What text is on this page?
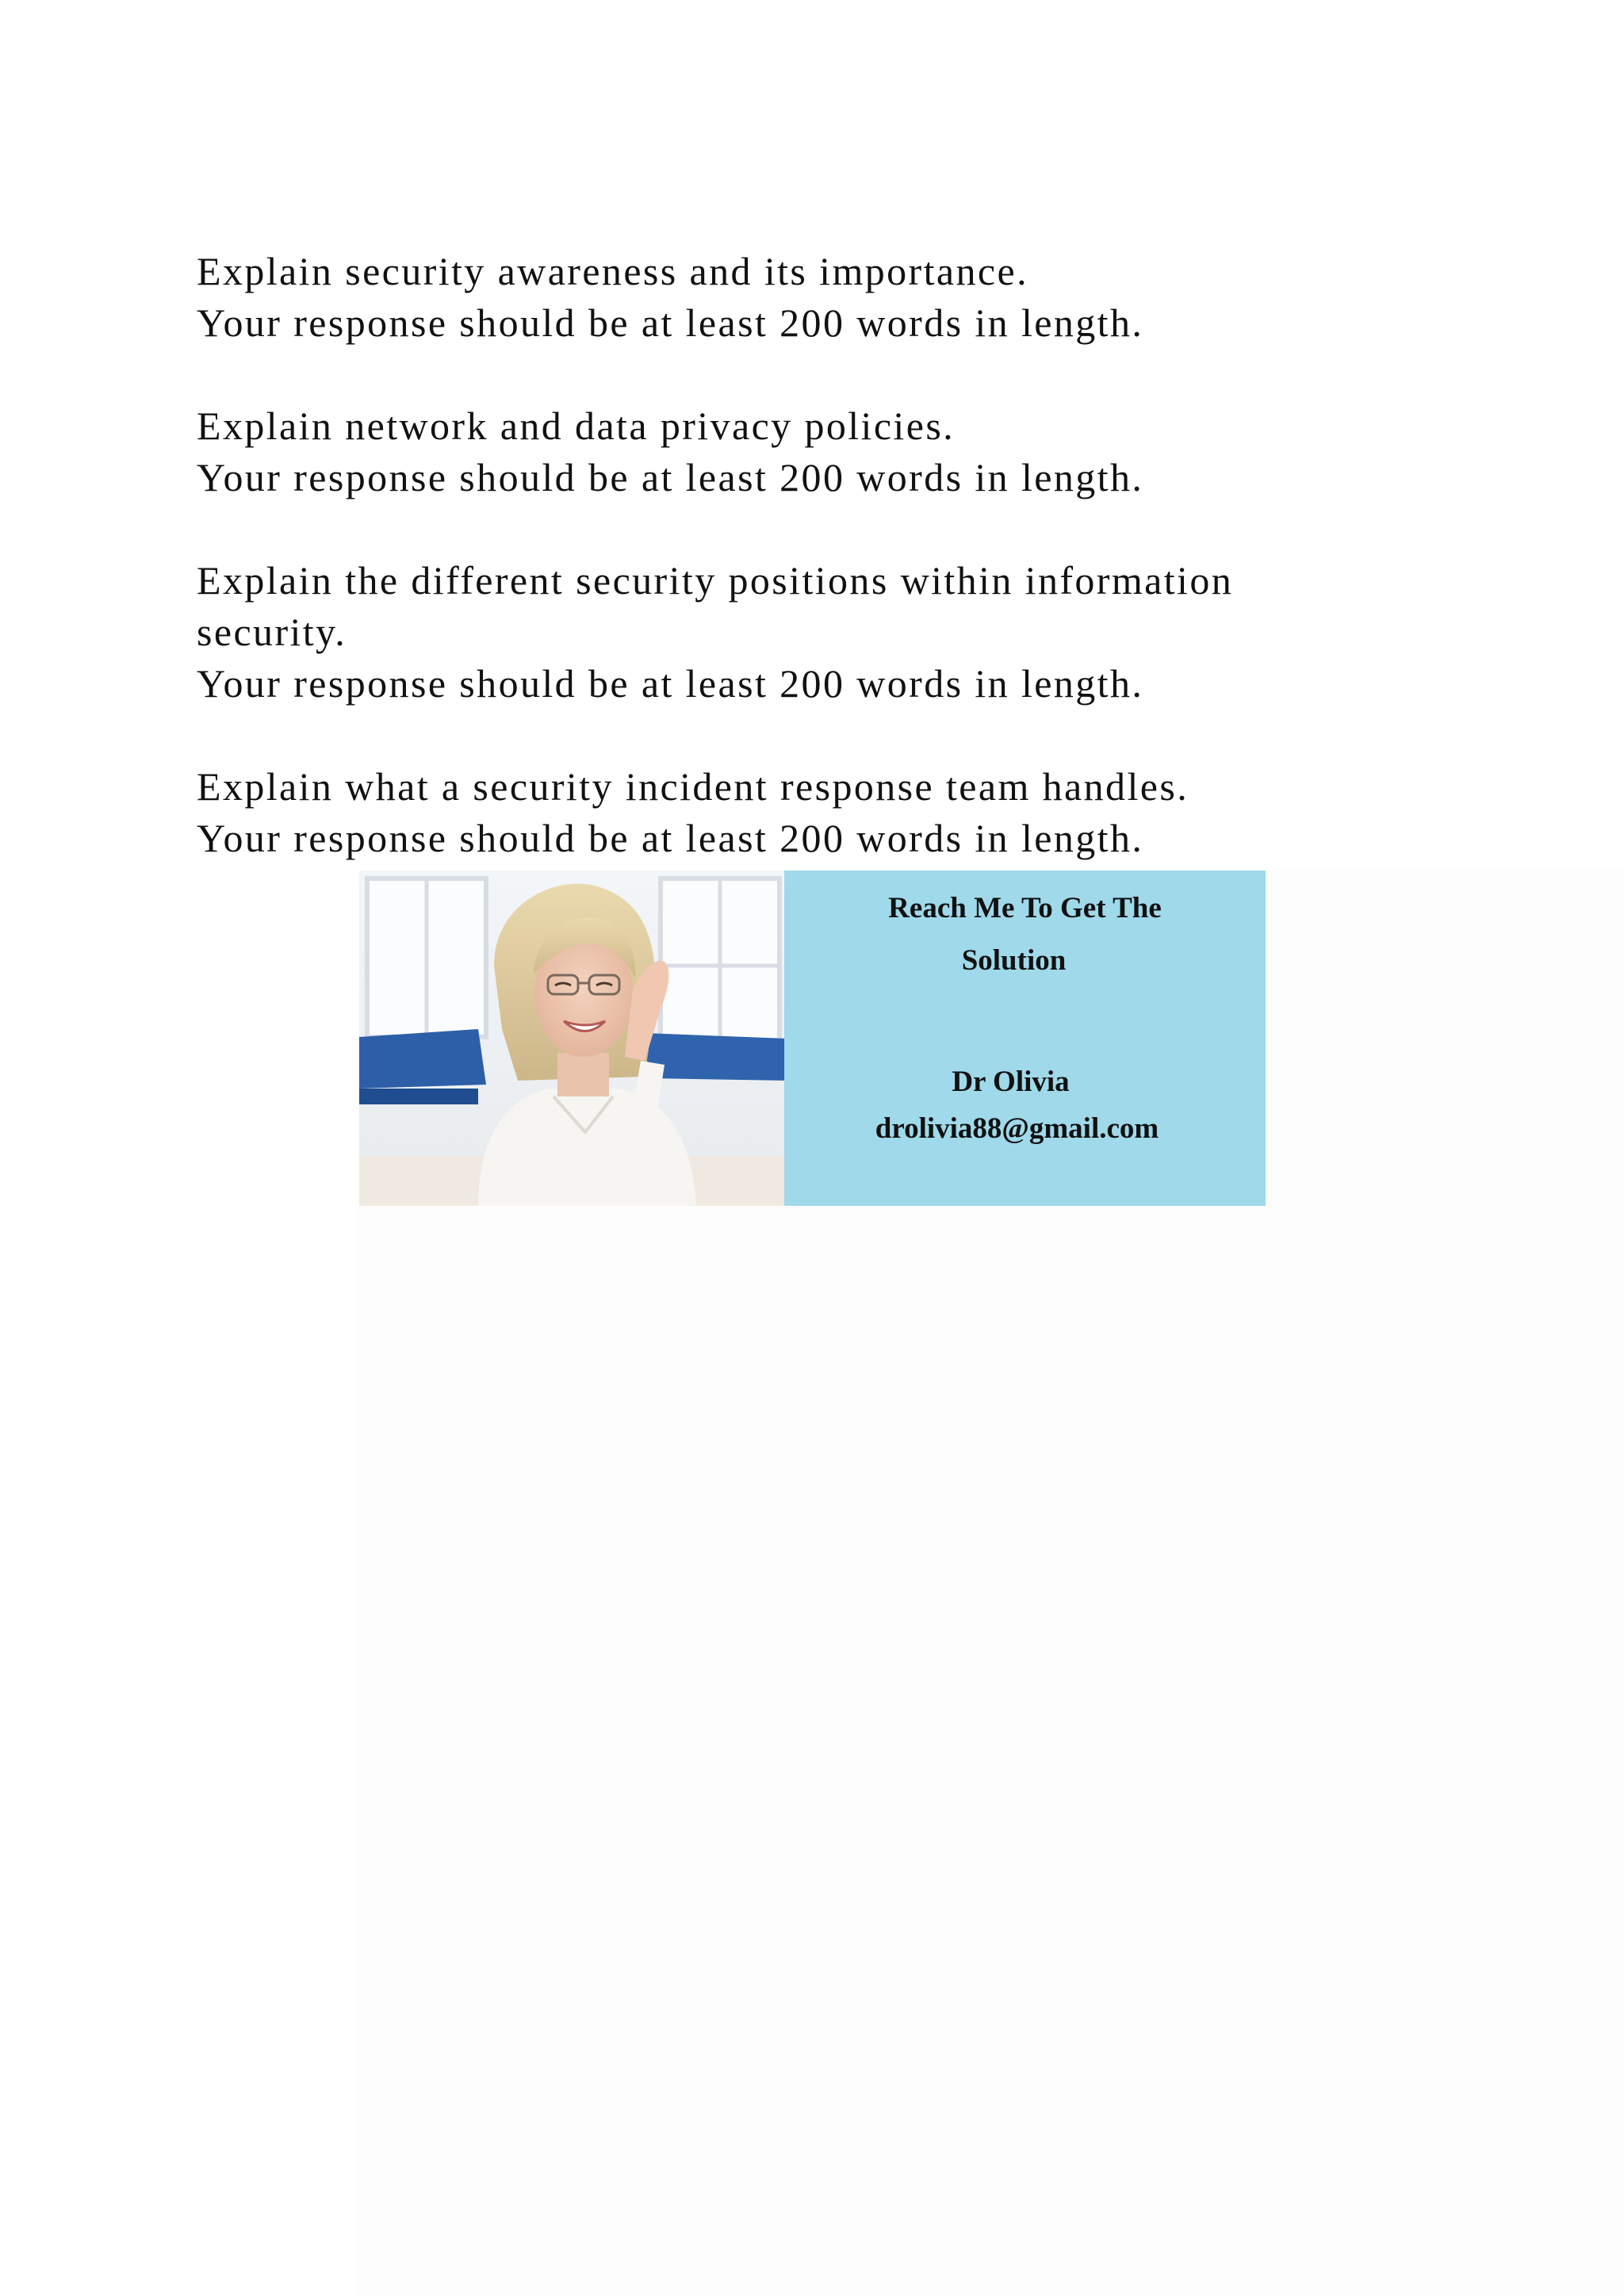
Explain security awareness and its importance.
Your response should be at least 200 words in length.
Explain network and data privacy policies.
Your response should be at least 200 words in length.
Explain the different security positions within information
security.
Your response should be at least 200 words in length.
Explain what a security incident response team handles.
Your response should be at least 200 words in length.
Reach Me To Get The
Solution
Dr Olivia
drolivia88@gmail.com
